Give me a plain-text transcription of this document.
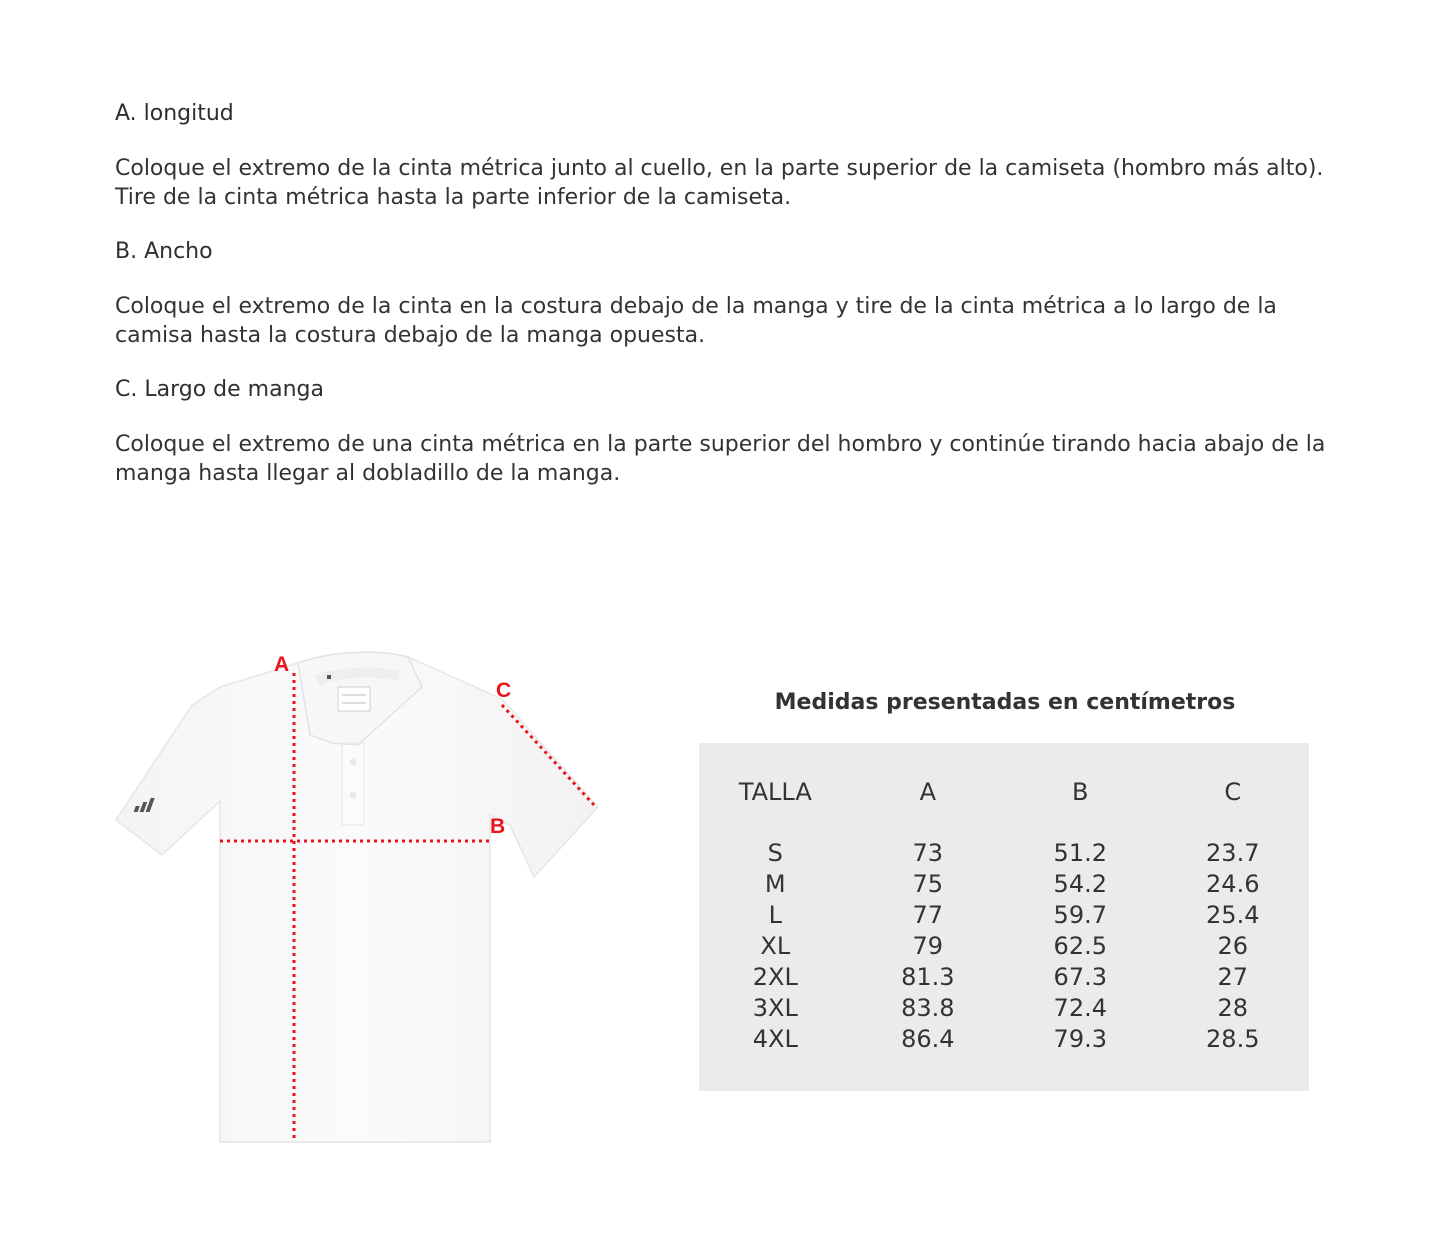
A. longitud

Coloque el extremo de la cinta métrica junto al cuello, en la parte superior de la camiseta (hombro más alto). Tire de la cinta métrica hasta la parte inferior de la camiseta.

B. Ancho

Coloque el extremo de la cinta en la costura debajo de la manga y tire de la cinta métrica a lo largo de la camisa hasta la costura debajo de la manga opuesta.

C. Largo de manga

Coloque el extremo de una cinta métrica en la parte superior del hombro y continúe tirando hacia abajo de la manga hasta llegar al dobladillo de la manga.

A
B
C	Medidas presentadas en centímetros
TALLA	A	B	C
S	73	51.2	23.7
M	75	54.2	24.6
L	77	59.7	25.4
XL	79	62.5	26
2XL	81.3	67.3	27
3XL	83.8	72.4	28
4XL	86.4	79.3	28.5
